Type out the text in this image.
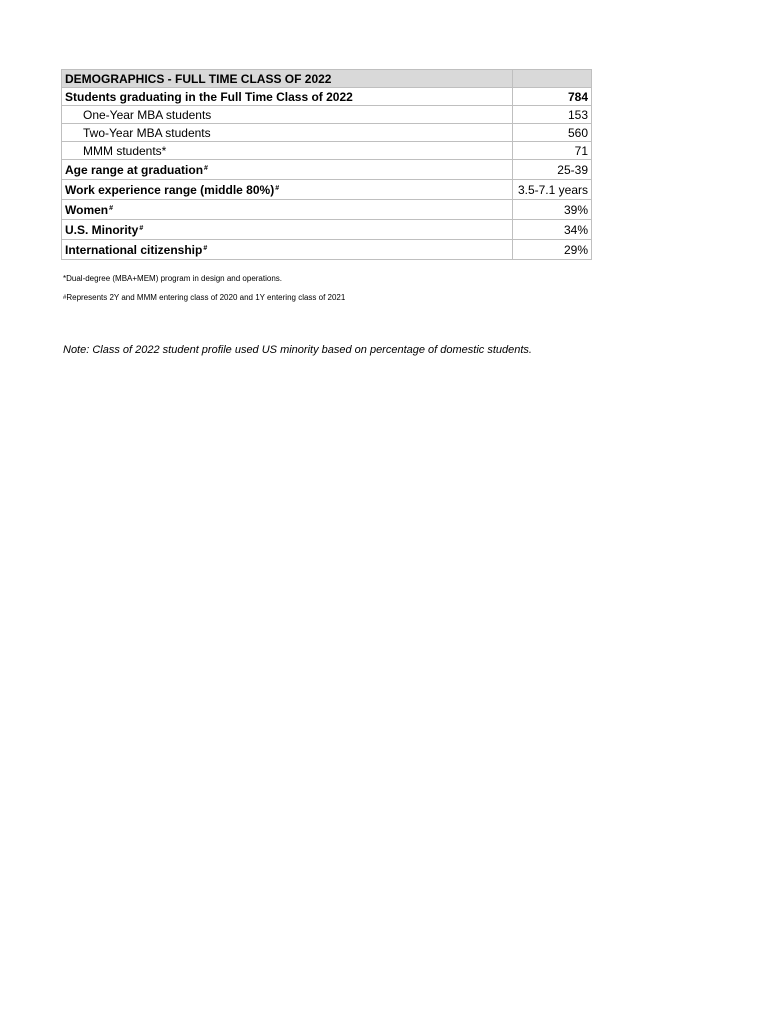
DEMOGRAPHICS - FULL TIME CLASS OF 2022	
Students graduating in the Full Time Class of 2022	784
One-Year MBA students	153
Two-Year MBA students	560
MMM students*	71
Age range at graduation#	25-39
Work experience range (middle 80%)#	3.5-7.1 years
Women#	39%
U.S. Minority#	34%
International citizenship#	29%
*Dual-degree (MBA+MEM) program in design and operations.
#Represents 2Y and MMM entering class of 2020 and 1Y entering class of 2021
Note: Class of 2022 student profile used US minority based on percentage of domestic students.
